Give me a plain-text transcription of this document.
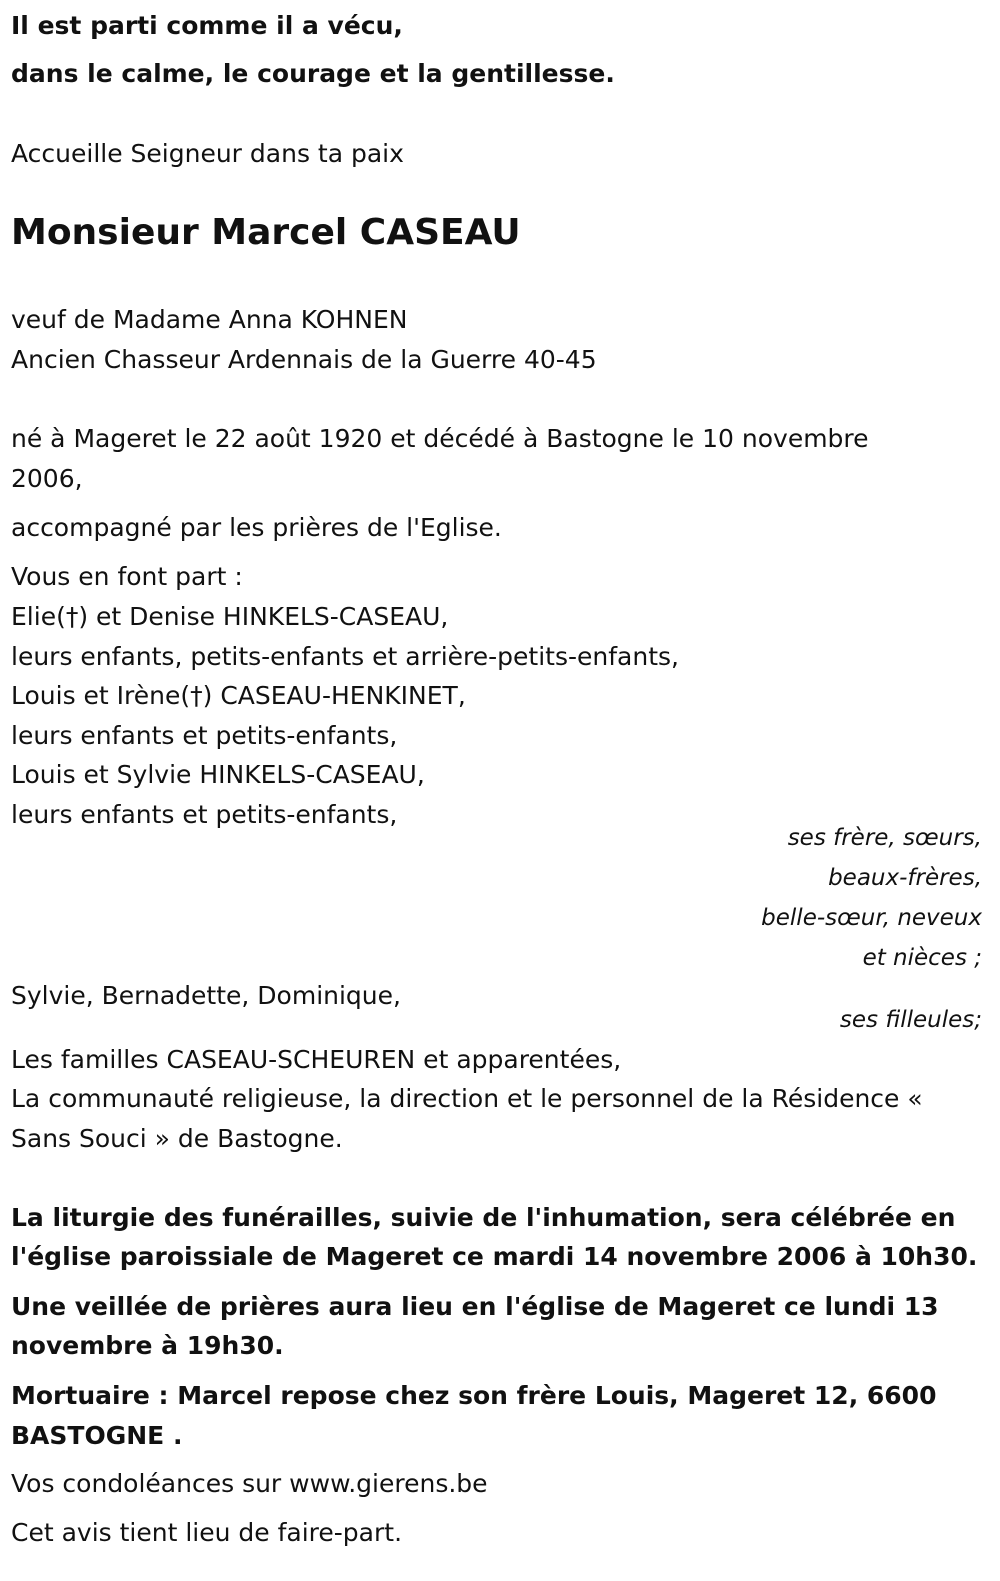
Il est parti comme il a vécu,
dans le calme, le courage et la gentillesse.
Accueille Seigneur dans ta paix
Monsieur Marcel CASEAU
veuf de Madame Anna KOHNEN
Ancien Chasseur Ardennais de la Guerre 40-45
né à Mageret le 22 août 1920 et décédé à Bastogne le 10 novembre
2006,
accompagné par les prières de l'Eglise.
Vous en font part :
Elie(†) et Denise HINKELS-CASEAU,
leurs enfants, petits-enfants et arrière-petits-enfants,
Louis et Irène(†) CASEAU-HENKINET,
leurs enfants et petits-enfants,
Louis et Sylvie HINKELS-CASEAU,
leurs enfants et petits-enfants,
ses frère, sœurs,
beaux-frères,
belle-sœur, neveux
et nièces ;
Sylvie, Bernadette, Dominique,
ses filleules;
Les familles CASEAU-SCHEUREN et apparentées,
La communauté religieuse, la direction et le personnel de la Résidence «
Sans Souci » de Bastogne.
La liturgie des funérailles, suivie de l'inhumation, sera célébrée en
l'église paroissiale de Mageret ce mardi 14 novembre 2006 à 10h30.
Une veillée de prières aura lieu en l'église de Mageret ce lundi 13
novembre à 19h30.
Mortuaire : Marcel repose chez son frère Louis, Mageret 12, 6600
BASTOGNE .
Vos condoléances sur www.gierens.be
Cet avis tient lieu de faire-part.
